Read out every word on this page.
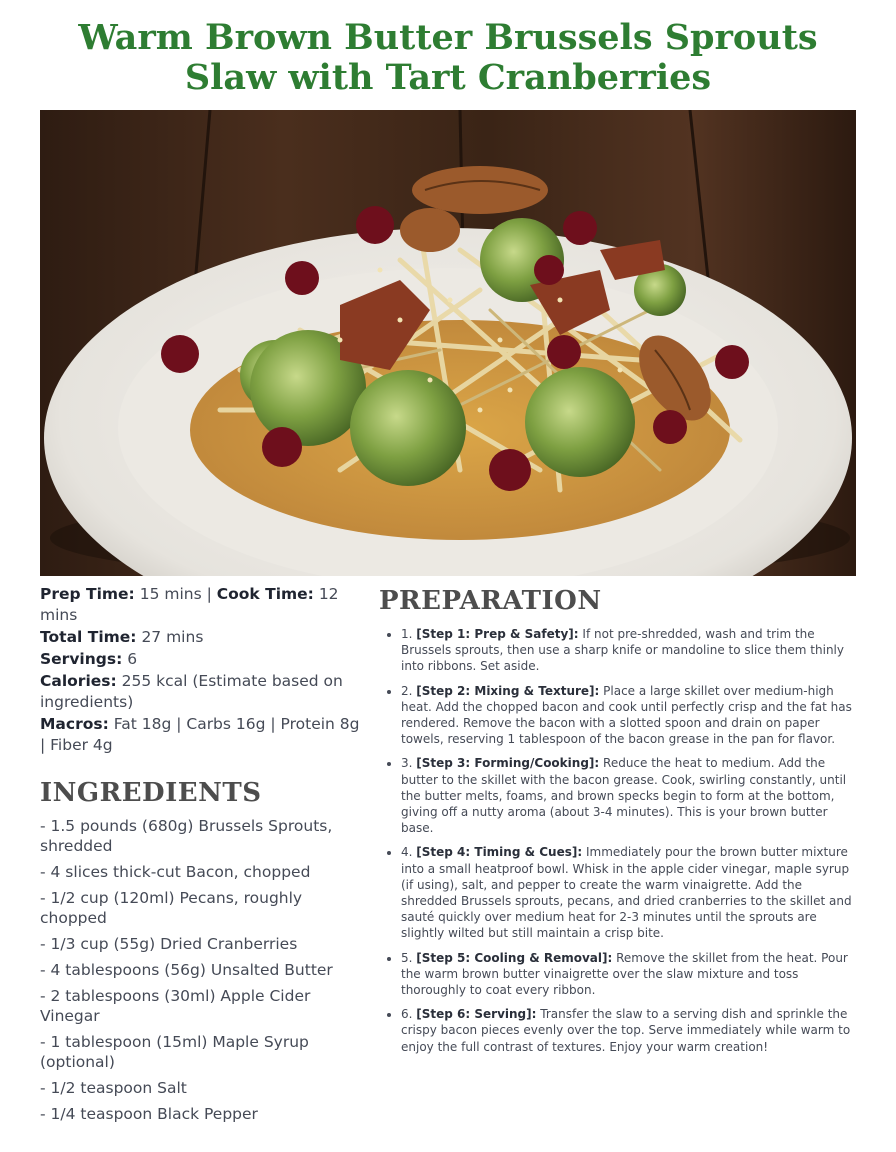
Warm Brown Butter Brussels Sprouts Slaw with Tart Cranberries

Prep Time: 15 mins | Cook Time: 12 mins

Total Time: 27 mins

Servings: 6

Calories: 255 kcal (Estimate based on ingredients)

Macros: Fat 18g | Carbs 16g | Protein 8g | Fiber 4g

INGREDIENTS
- 1.5 pounds (680g) Brussels Sprouts, shredded
- 4 slices thick-cut Bacon, chopped
- 1/2 cup (120ml) Pecans, roughly chopped
- 1/3 cup (55g) Dried Cranberries
- 4 tablespoons (56g) Unsalted Butter
- 2 tablespoons (30ml) Apple Cider Vinegar
- 1 tablespoon (15ml) Maple Syrup (optional)
- 1/2 teaspoon Salt
- 1/4 teaspoon Black Pepper
PREPARATION
• 1. [Step 1: Prep & Safety]: If not pre-shredded, wash and trim the Brussels sprouts, then use a sharp knife or mandoline to slice them thinly into ribbons. Set aside.
• 2. [Step 2: Mixing & Texture]: Place a large skillet over medium-high heat. Add the chopped bacon and cook until perfectly crisp and the fat has rendered. Remove the bacon with a slotted spoon and drain on paper towels, reserving 1 tablespoon of the bacon grease in the pan for flavor.
• 3. [Step 3: Forming/Cooking]: Reduce the heat to medium. Add the butter to the skillet with the bacon grease. Cook, swirling constantly, until the butter melts, foams, and brown specks begin to form at the bottom, giving off a nutty aroma (about 3-4 minutes). This is your brown butter base.
• 4. [Step 4: Timing & Cues]: Immediately pour the brown butter mixture into a small heatproof bowl. Whisk in the apple cider vinegar, maple syrup (if using), salt, and pepper to create the warm vinaigrette. Add the shredded Brussels sprouts, pecans, and dried cranberries to the skillet and sauté quickly over medium heat for 2-3 minutes until the sprouts are slightly wilted but still maintain a crisp bite.
• 5. [Step 5: Cooling & Removal]: Remove the skillet from the heat. Pour the warm brown butter vinaigrette over the slaw mixture and toss thoroughly to coat every ribbon.
• 6. [Step 6: Serving]: Transfer the slaw to a serving dish and sprinkle the crispy bacon pieces evenly over the top. Serve immediately while warm to enjoy the full contrast of textures. Enjoy your warm creation!
